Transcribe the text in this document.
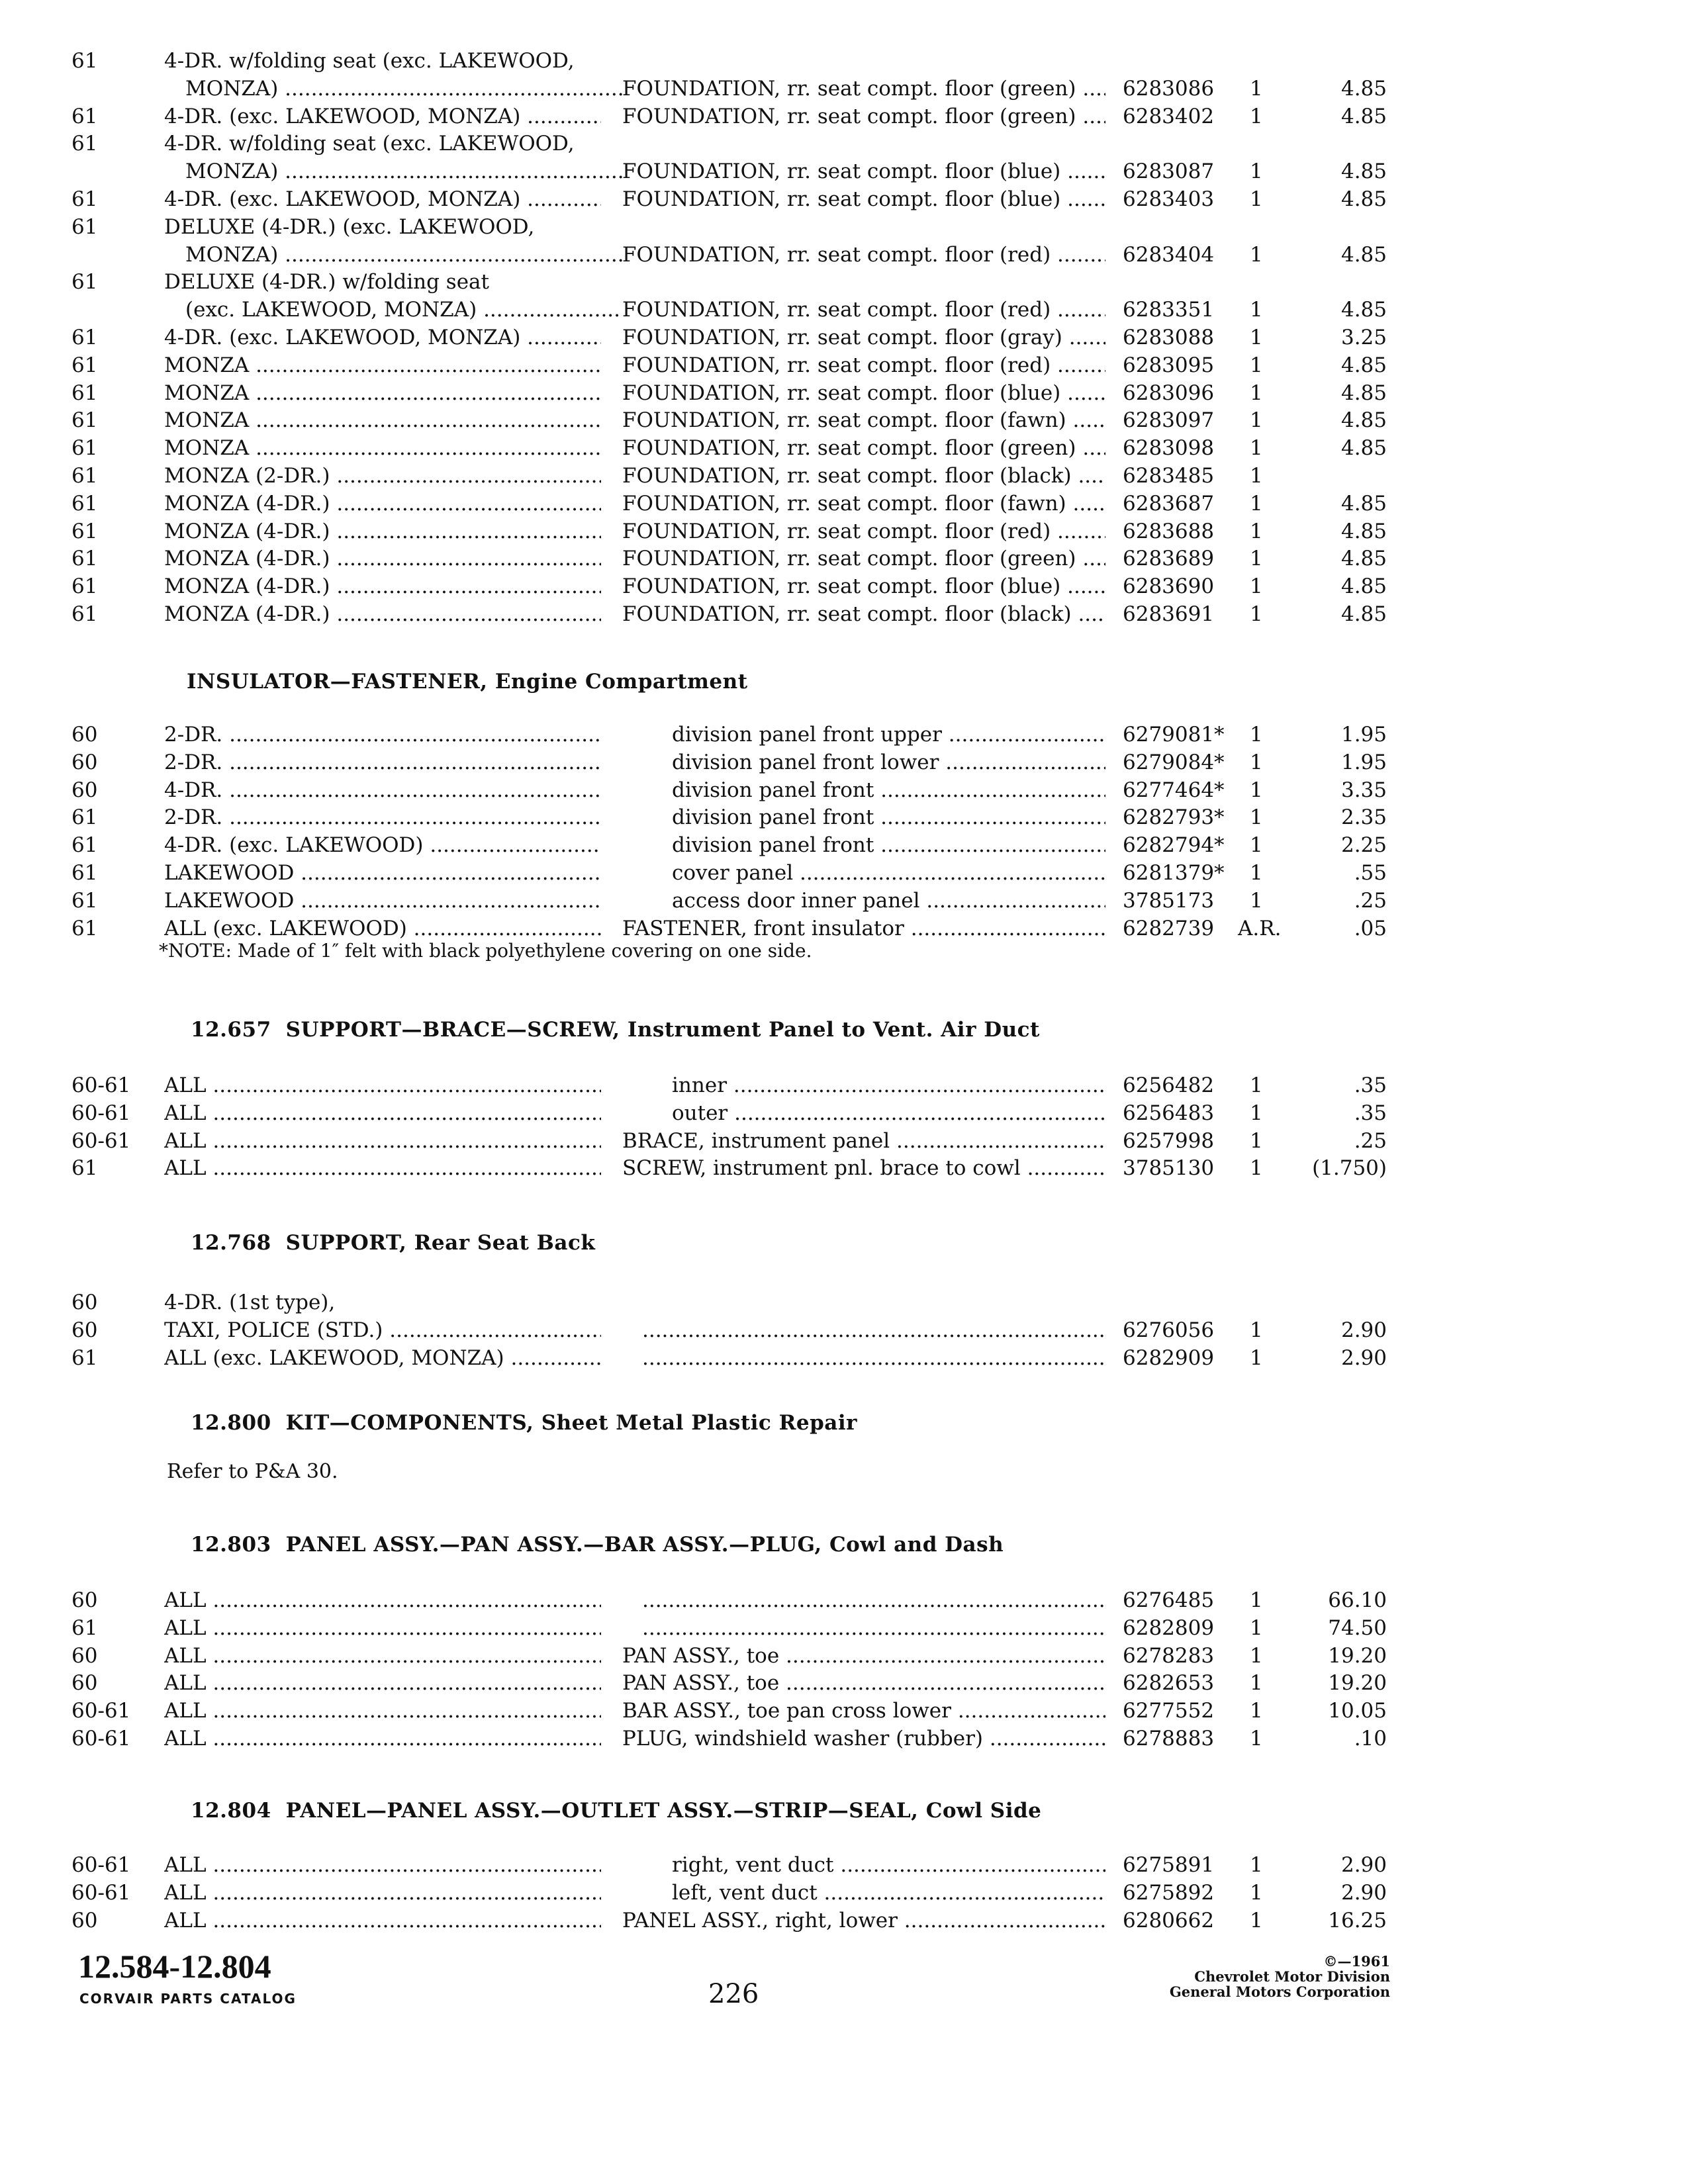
61	4-DR. w/folding seat (exc. LAKEWOOD,
MONZA) .....	FOUNDATION, rr. seat compt. floor (green) .....	6283086 1	4.85
61	4-DR. (exc. LAKEWOOD, MONZA) .....	FOUNDATION, rr. seat compt. floor (green) .....	6283402 1	4.85
61	4-DR. w/folding seat (exc. LAKEWOOD,
MONZA) .....	FOUNDATION, rr. seat compt. floor (blue) .....	6283087 1	4.85
61	4-DR. (exc. LAKEWOOD, MONZA) .....	FOUNDATION, rr. seat compt. floor (blue) .....	6283403 1	4.85
61	DELUXE (4-DR.) (exc. LAKEWOOD,
MONZA) .....	FOUNDATION, rr. seat compt. floor (red) .....	6283404 1	4.85
61	DELUXE (4-DR.) w/folding seat
(exc. LAKEWOOD, MONZA) .....	FOUNDATION, rr. seat compt. floor (red) .....	6283351 1	4.85
61	4-DR. (exc. LAKEWOOD, MONZA) .....	FOUNDATION, rr. seat compt. floor (gray) .....	6283088 1	3.25
61	MONZA .....	FOUNDATION, rr. seat compt. floor (red) .....	6283095 1	4.85
61	MONZA .....	FOUNDATION, rr. seat compt. floor (blue) .....	6283096 1	4.85
61	MONZA .....	FOUNDATION, rr. seat compt. floor (fawn) .....	6283097 1	4.85
61	MONZA .....	FOUNDATION, rr. seat compt. floor (green) .....	6283098 1	4.85
61	MONZA (2-DR.) .....	FOUNDATION, rr. seat compt. floor (black) .....	6283485 1
61	MONZA (4-DR.) .....	FOUNDATION, rr. seat compt. floor (fawn) .....	6283687 1	4.85
61	MONZA (4-DR.) .....	FOUNDATION, rr. seat compt. floor (red) .....	6283688 1	4.85
61	MONZA (4-DR.) .....	FOUNDATION, rr. seat compt. floor (green) .....	6283689 1	4.85
61	MONZA (4-DR.) .....	FOUNDATION, rr. seat compt. floor (blue) .....	6283690 1	4.85
61	MONZA (4-DR.) .....	FOUNDATION, rr. seat compt. floor (black) .....	6283691 1	4.85
INSULATOR—FASTENER, Engine Compartment
60	2-DR. .....	division panel front upper .....	6279081* 1	1.95
60	2-DR. .....	division panel front lower .....	6279084* 1	1.95
60	4-DR. .....	division panel front .....	6277464* 1	3.35
61	2-DR. .....	division panel front .....	6282793* 1	2.35
61	4-DR. (exc. LAKEWOOD) .....	division panel front .....	6282794* 1	2.25
61	LAKEWOOD .....	cover panel .....	6281379* 1	.55
61	LAKEWOOD .....	access door inner panel .....	3785173 1	.25
61	ALL (exc. LAKEWOOD) .....	FASTENER, front insulator .....	6282739 A.R.	.05
*NOTE: Made of 1″ felt with black polyethylene covering on one side.
12.657 SUPPORT—BRACE—SCREW, Instrument Panel to Vent. Air Duct
60-61 ALL .....	inner .....	6256482 1	.35
60-61 ALL .....	outer .....	6256483 1	.35
60-61 ALL .....	BRACE, instrument panel .....	6257998 1	.25
61	ALL .....	SCREW, instrument pnl. brace to cowl .....	3785130 1	(1.750)
12.768 SUPPORT, Rear Seat Back
60	4-DR. (1st type),
60	TAXI, POLICE (STD.) ..... .....	6276056 1	2.90
61	ALL (exc. LAKEWOOD, MONZA) ..... .....	6282909 1	2.90
12.800 KIT—COMPONENTS, Sheet Metal Plastic Repair
Refer to P&A 30.
12.803 PANEL ASSY.—PAN ASSY.—BAR ASSY.—PLUG, Cowl and Dash
60	ALL ..... .....	6276485 1	66.10
61	ALL ..... .....	6282809 1	74.50
60	ALL .....	PAN ASSY., toe .....	6278283 1	19.20
60	ALL .....	PAN ASSY., toe .....	6282653 1	19.20
60-61 ALL .....	BAR ASSY., toe pan cross lower .....	6277552 1	10.05
60-61 ALL .....	PLUG, windshield washer (rubber) .....	6278883 1	.10
12.804 PANEL—PANEL ASSY.—OUTLET ASSY.—STRIP—SEAL, Cowl Side
60-61 ALL .....	right, vent duct .....	6275891 1	2.90
60-61 ALL .....	left, vent duct .....	6275892 1	2.90
60	ALL .....	PANEL ASSY., right, lower .....	6280662 1	16.25
12.584-12.804
CORVAIR PARTS CATALOG	226
©—1961
Chevrolet Motor Division
General Motors Corporation
